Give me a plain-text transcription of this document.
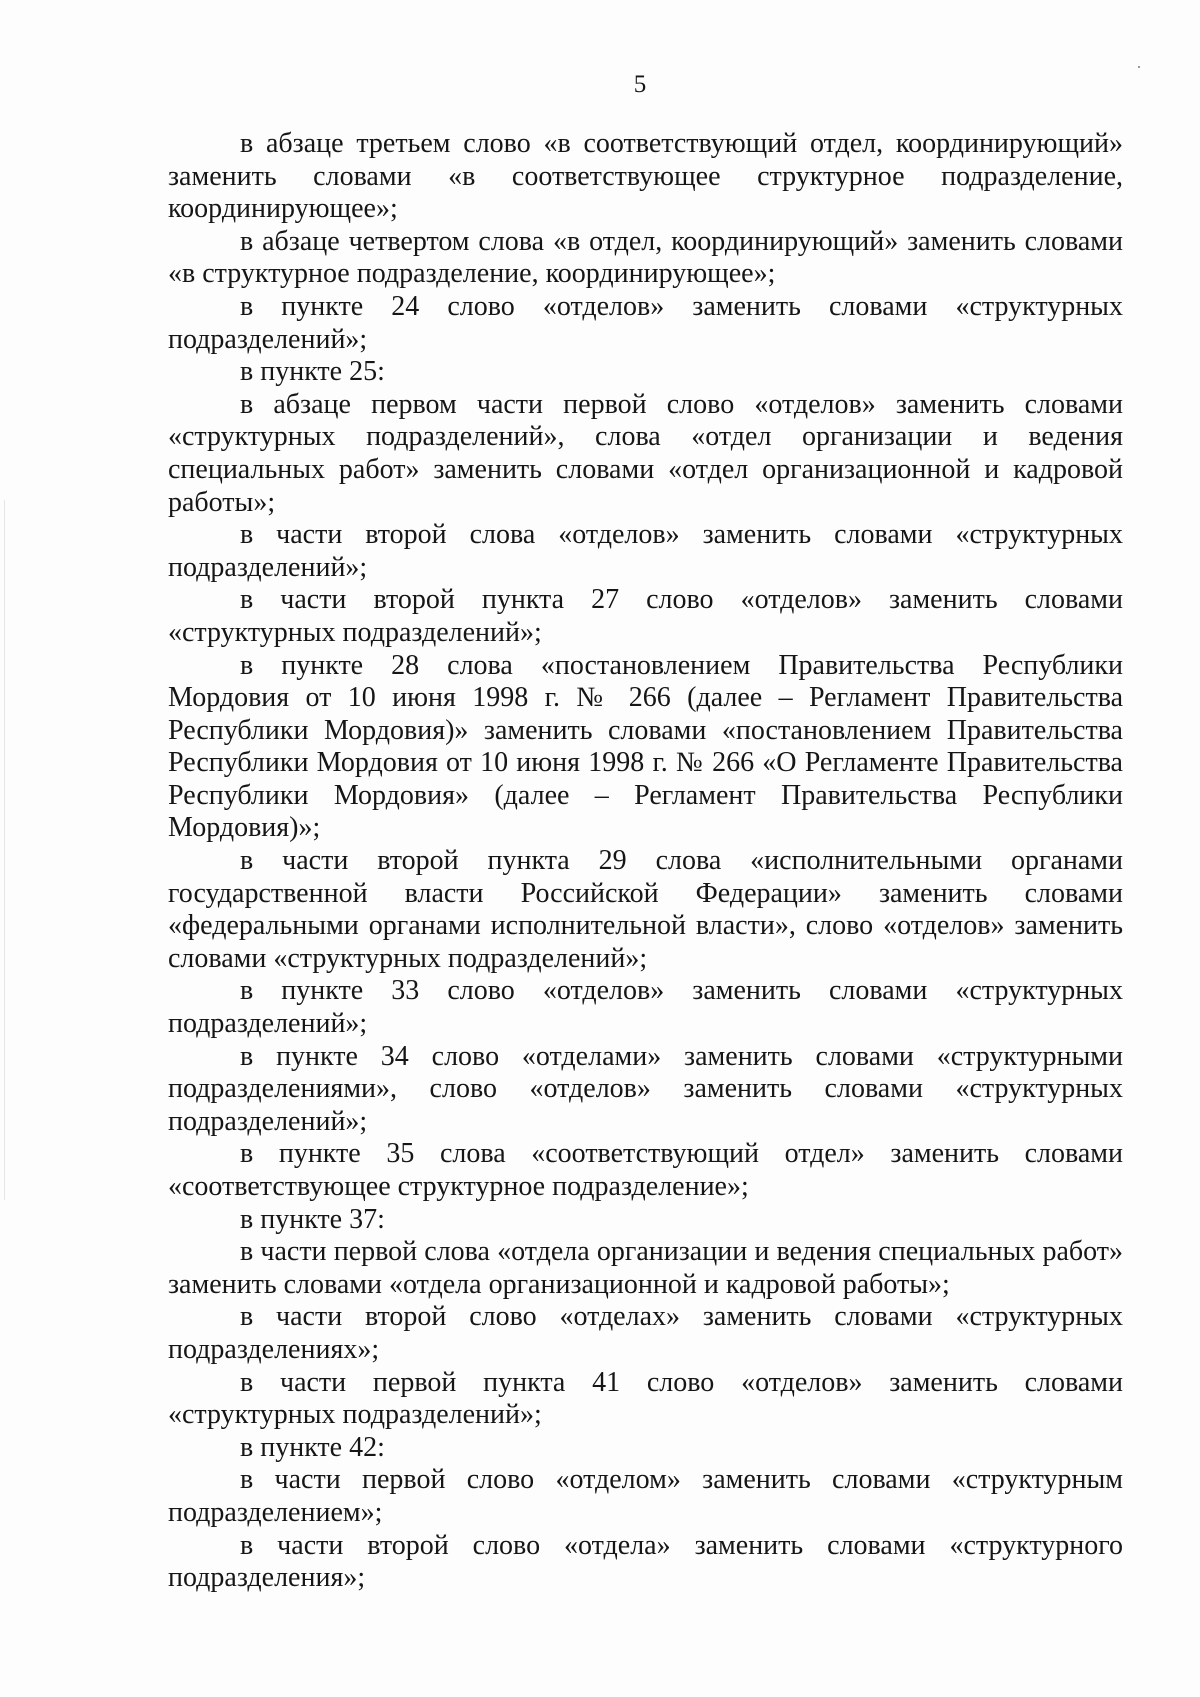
5

в абзаце третьем слово «в соответствующий отдел, координирующий» заменить словами «в соответствующее структурное подразделение, координирующее»;

в абзаце четвертом слова «в отдел, координирующий» заменить словами «в структурное подразделение, координирующее»;

в пункте 24 слово «отделов» заменить словами «структурных подразделений»;

в пункте 25:

в абзаце первом части первой слово «отделов» заменить словами «структурных подразделений», слова «отдел организации и ведения специальных работ» заменить словами «отдел организационной и кадровой работы»;

в части второй слова «отделов» заменить словами «структурных подразделений»;

в части второй пункта 27 слово «отделов» заменить словами «структурных подразделений»;

в пункте 28 слова «постановлением Правительства Республики Мордовия от 10 июня 1998 г. № 266 (далее – Регламент Правительства Республики Мордовия)» заменить словами «постановлением Правительства Республики Мордовия от 10 июня 1998 г. № 266 «О Регламенте Правительства Республики Мордовия» (далее – Регламент Правительства Республики Мордовия)»;

в части второй пункта 29 слова «исполнительными органами государственной власти Российской Федерации» заменить словами «федеральными органами исполнительной власти», слово «отделов» заменить словами «структурных подразделений»;

в пункте 33 слово «отделов» заменить словами «структурных подразделений»;

в пункте 34 слово «отделами» заменить словами «структурными подразделениями», слово «отделов» заменить словами «структурных подразделений»;

в пункте 35 слова «соответствующий отдел» заменить словами «соответствующее структурное подразделение»;

в пункте 37:

в части первой слова «отдела организации и ведения специальных работ» заменить словами «отдела организационной и кадровой работы»;

в части второй слово «отделах» заменить словами «структурных подразделениях»;

в части первой пункта 41 слово «отделов» заменить словами «структурных подразделений»;

в пункте 42:

в части первой слово «отделом» заменить словами «структурным подразделением»;

в части второй слово «отдела» заменить словами «структурного подразделения»;
